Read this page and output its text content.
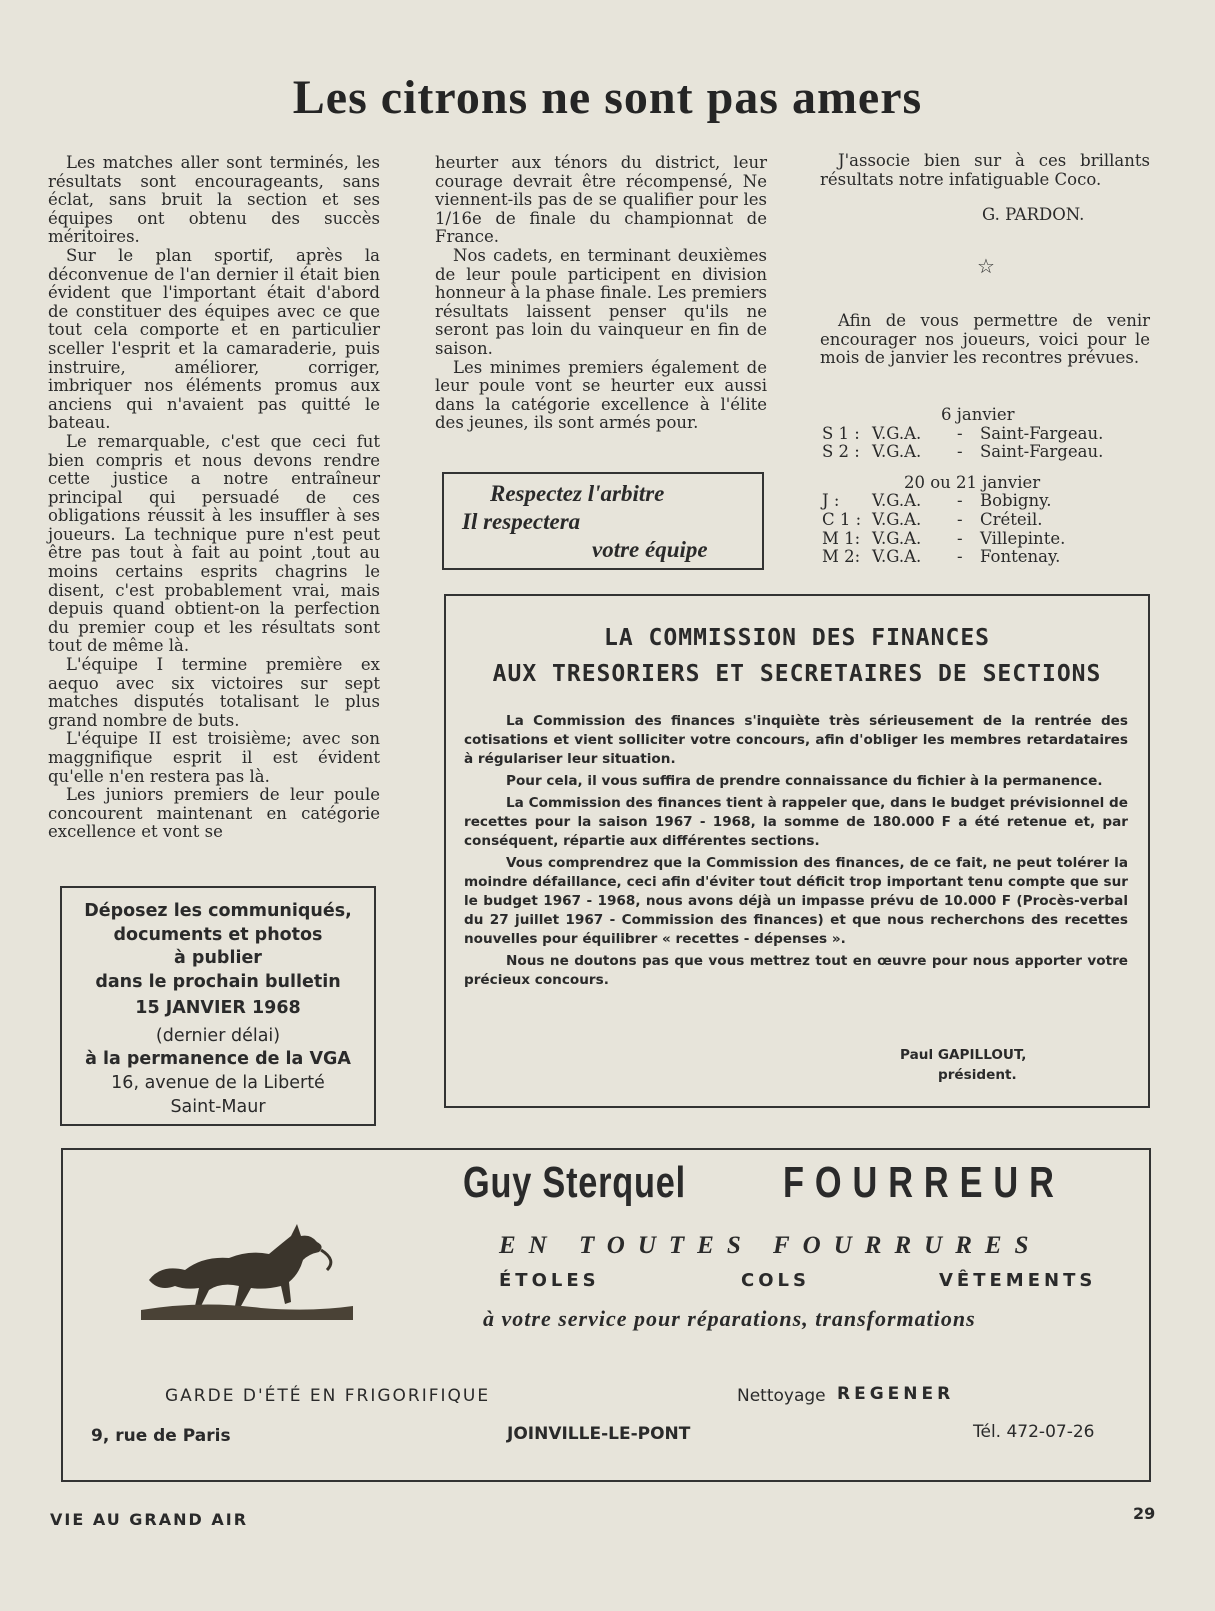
Les citrons ne sont pas amers

Les matches aller sont terminés, les résultats sont encourageants, sans éclat, sans bruit la section et ses équipes ont obtenu des succès méritoires.

Sur le plan sportif, après la déconvenue de l'an dernier il était bien évident que l'important était d'abord de constituer des équipes avec ce que tout cela comporte et en particulier sceller l'esprit et la camaraderie, puis instruire, améliorer, corriger, imbriquer nos éléments promus aux anciens qui n'avaient pas quitté le bateau.

Le remarquable, c'est que ceci fut bien compris et nous devons rendre cette justice a notre entraîneur principal qui persuadé de ces obligations réussit à les insuffler à ses joueurs. La technique pure n'est peut être pas tout à fait au point ,tout au moins certains esprits chagrins le disent, c'est probablement vrai, mais depuis quand obtient-on la perfection du premier coup et les résultats sont tout de même là.

L'équipe I termine première ex aequo avec six victoires sur sept matches disputés totalisant le plus grand nombre de buts.

L'équipe II est troisième; avec son maggnifique esprit il est évident qu'elle n'en restera pas là.

Les juniors premiers de leur poule concourent maintenant en catégorie excellence et vont se

heurter aux ténors du district, leur courage devrait être récompensé, Ne viennent-ils pas de se qualifier pour les 1/16e de finale du championnat de France.

Nos cadets, en terminant deuxièmes de leur poule participent en division honneur à la phase finale. Les premiers résultats laissent penser qu'ils ne seront pas loin du vainqueur en fin de saison.

Les minimes premiers également de leur poule vont se heurter eux aussi dans la catégorie excellence à l'élite des jeunes, ils sont armés pour.

Respectez l'arbitre
Il respectera
votre équipe

J'associe bien sur à ces brillants résultats notre infatiguable Coco.

G. PARDON.
☆

Afin de vous permettre de venir encourager nos joueurs, voici pour le mois de janvier les recontres prévues.

6 janvier
S 1 : V.G.A. - Saint-Fargeau.
S 2 : V.G.A. - Saint-Fargeau.
20 ou 21 janvier
J : V.G.A. - Bobigny.
C 1 : V.G.A. - Créteil.
M 1: V.G.A. - Villepinte.
M 2: V.G.A. - Fontenay.
Déposez les communiqués,
documents et photos
à publier
dans le prochain bulletin
15 JANVIER 1968
(dernier délai)
à la permanence de la VGA
16, avenue de la Liberté
Saint-Maur
LA COMMISSION DES FINANCES
AUX TRESORIERS ET SECRETAIRES DE SECTIONS

La Commission des finances s'inquiète très sérieusement de la rentrée des cotisations et vient solliciter votre concours, afin d'obliger les membres retardataires à régulariser leur situation.

Pour cela, il vous suffira de prendre connaissance du fichier à la permanence.

La Commission des finances tient à rappeler que, dans le budget prévisionnel de recettes pour la saison 1967 - 1968, la somme de 180.000 F a été retenue et, par conséquent, répartie aux différentes sections.

Vous comprendrez que la Commission des finances, de ce fait, ne peut tolérer la moindre défaillance, ceci afin d'éviter tout déficit trop important tenu compte que sur le budget 1967 - 1968, nous avons déjà un impasse prévu de 10.000 F (Procès-verbal du 27 juillet 1967 - Commission des finances) et que nous recherchons des recettes nouvelles pour équilibrer « recettes - dépenses ».

Nous ne doutons pas que vous mettrez tout en œuvre pour nous apporter votre précieux concours.

Paul GAPILLOUT,
président.
Guy Sterquel FOURREUR
EN TOUTES FOURRURES
ÉTOLES	COLS	VÊTEMENTS
à votre service pour réparations, transformations
GARDE D'ÉTÉ EN FRIGORIFIQUE	Nettoyage REGENER
9, rue de Paris	JOINVILLE-LE-PONT	Tél. 472-07-26
VIE AU GRAND AIR	29
